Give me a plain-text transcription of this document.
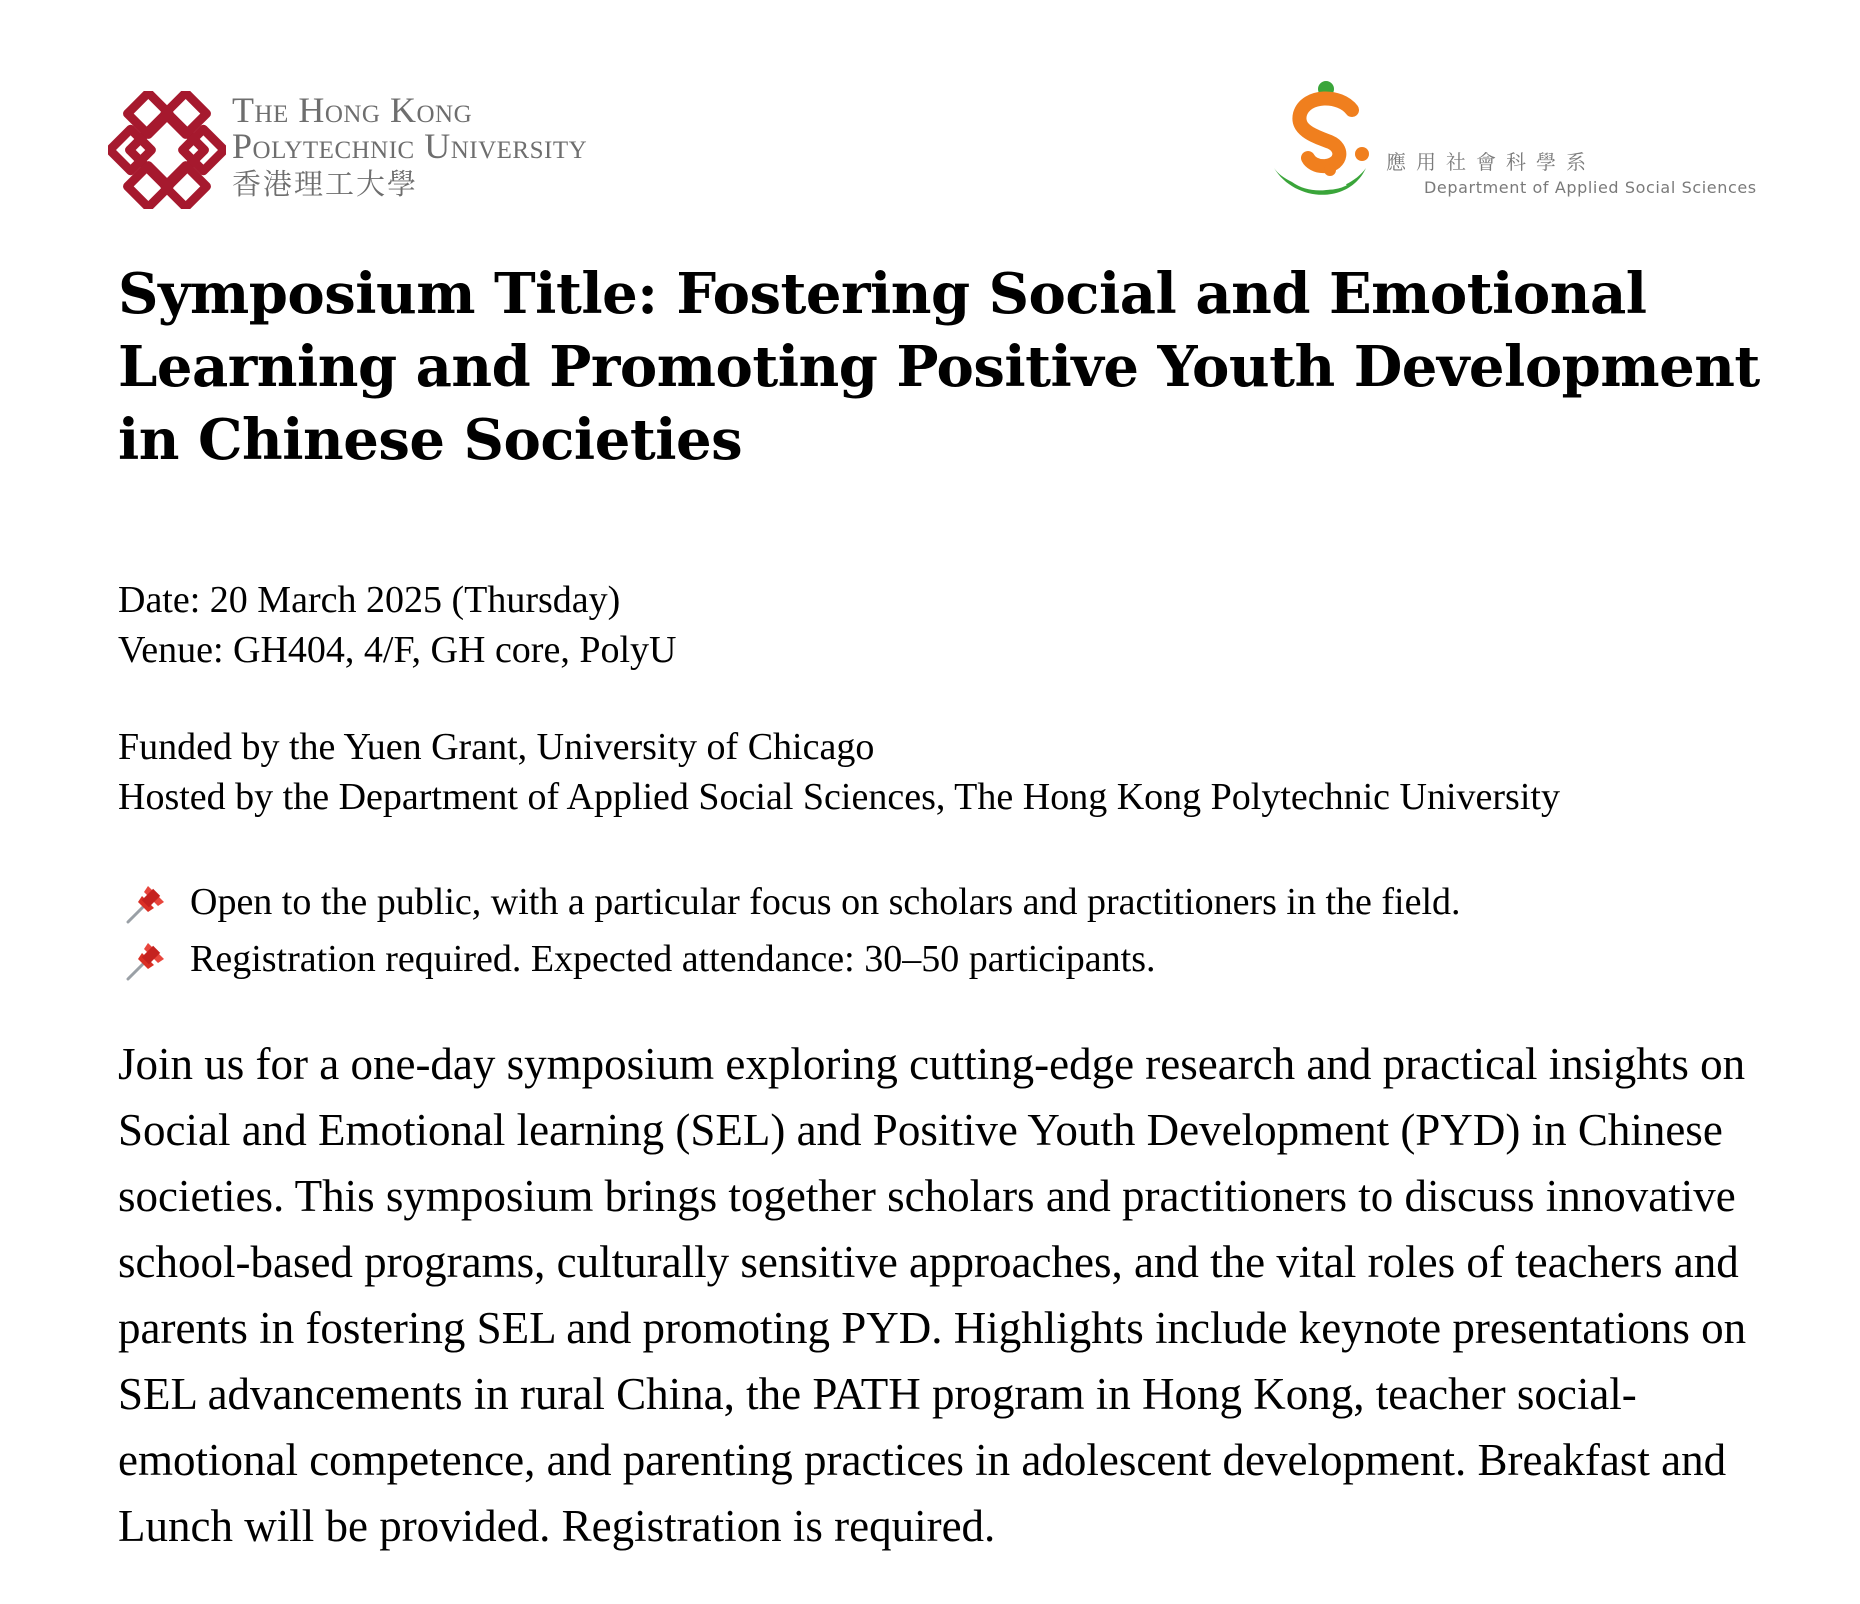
The Hong Kong
Polytechnic University
香港理工大學
應用社會科學系
Department of Applied Social Sciences
Symposium Title: Fostering Social and Emotional Learning and Promoting Positive Youth Development in Chinese Societies
Date: 20 March 2025 (Thursday)
Venue: GH404, 4/F, GH core, PolyU
Funded by the Yuen Grant, University of Chicago
Hosted by the Department of Applied Social Sciences, The Hong Kong Polytechnic University
Open to the public, with a particular focus on scholars and practitioners in the field.
Registration required. Expected attendance: 30–50 participants.

Join us for a one-day symposium exploring cutting-edge research and practical insights on Social and Emotional learning (SEL) and Positive Youth Development (PYD) in Chinese societies. This symposium brings together scholars and practitioners to discuss innovative school-based programs, culturally sensitive approaches, and the vital roles of teachers and parents in fostering SEL and promoting PYD. Highlights include keynote presentations on SEL advancements in rural China, the PATH program in Hong Kong, teacher social-emotional competence, and parenting practices in adolescent development. Breakfast and Lunch will be provided. Registration is required.
